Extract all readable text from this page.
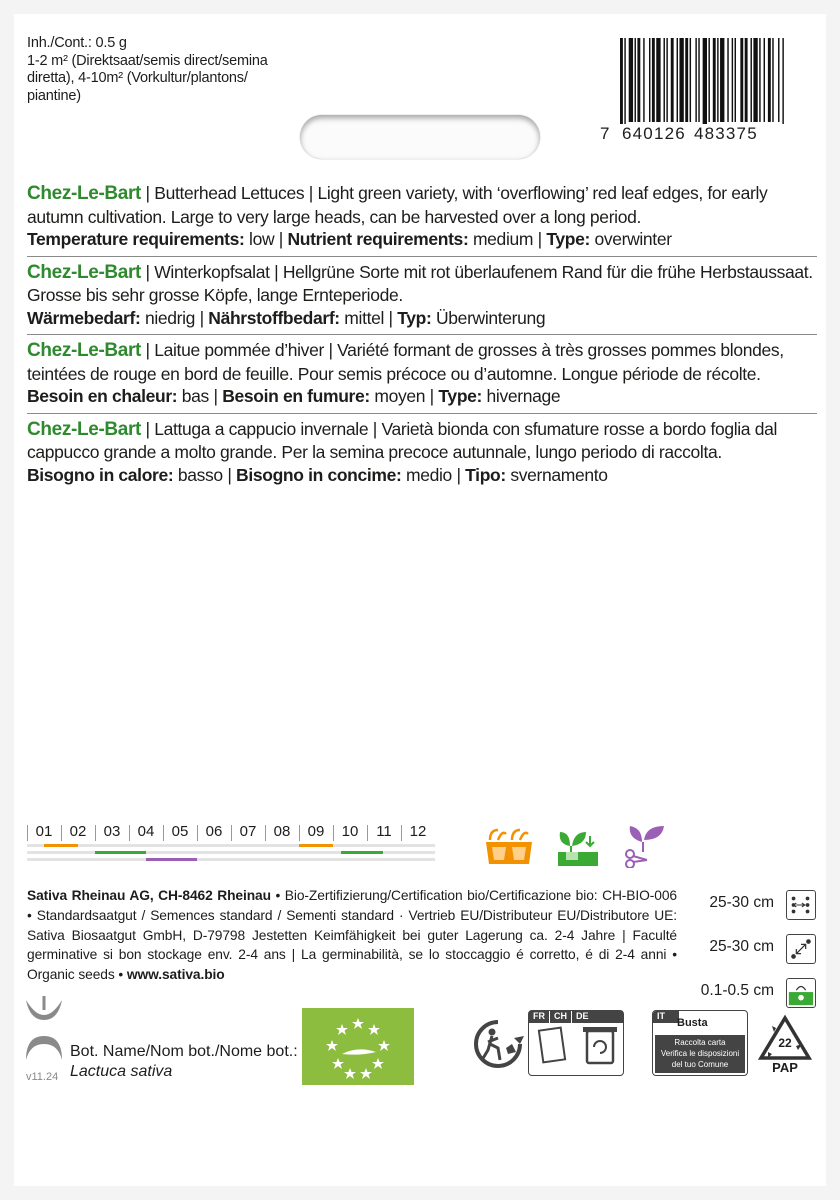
Inh./Cont.: 0.5 g
1-2 m² (Direktsaat/semis direct/semina
diretta), 4-10m² (Vorkultur/plantons/
piantine)
7 640126 483375
Chez-Le-Bart | Butterhead Lettuces | Light green variety, with ‘overflowing’ red leaf edges, for early autumn cultivation. Large to very large heads, can be harvested over a long period.
Temperature requirements: low | Nutrient requirements: medium | Type: overwinter
Chez-Le-Bart | Winterkopfsalat | Hellgrüne Sorte mit rot überlaufenem Rand für die frühe Herbstaussaat. Grosse bis sehr grosse Köpfe, lange Ernteperiode.
Wärmebedarf: niedrig | Nährstoffbedarf: mittel | Typ: Überwinterung
Chez-Le-Bart | Laitue pommée d’hiver | Variété formant de grosses à très grosses pommes blondes, teintées de rouge en bord de feuille. Pour semis précoce ou d’automne. Longue période de récolte.
Besoin en chaleur: bas | Besoin en fumure: moyen | Type: hivernage
Chez-Le-Bart | Lattuga a cappucio invernale | Varietà bionda con sfumature rosse a bordo foglia dal cappucco grande a molto grande. Per la semina precoce autunnale, lungo periodo di raccolta.
Bisogno in calore: basso | Bisogno in concime: medio | Tipo: svernamento
01	02	03	04	05	06	07	08	09	10	11	12
Sativa Rheinau AG, CH-8462 Rheinau • Bio-Zertifizierung/Certification bio/Certificazione bio: CH-BIO-006 • Standardsaatgut / Semences standard / Sementi standard · Vertrieb EU/Distributeur EU/Distributore UE: Sativa Biosaatgut GmbH, D-79798 Jestetten Keimfähigkeit bei guter Lagerung ca. 2-4 Jahre | Faculté germinative si bon stockage env. 2-4 ans | La germinabilità, se lo stoccaggio é corretto, é di 2-4 anni • Organic seeds • www.sativa.bio
25-30 cm
25-30 cm
0.1-0.5 cm
Bot. Name/Nom bot./Nome bot.:
Lactuca sativa
v11.24
FR	CH	DE	IT
Busta
Raccolta carta
Verifica le disposizioni
del tuo Comune
22
PAP
